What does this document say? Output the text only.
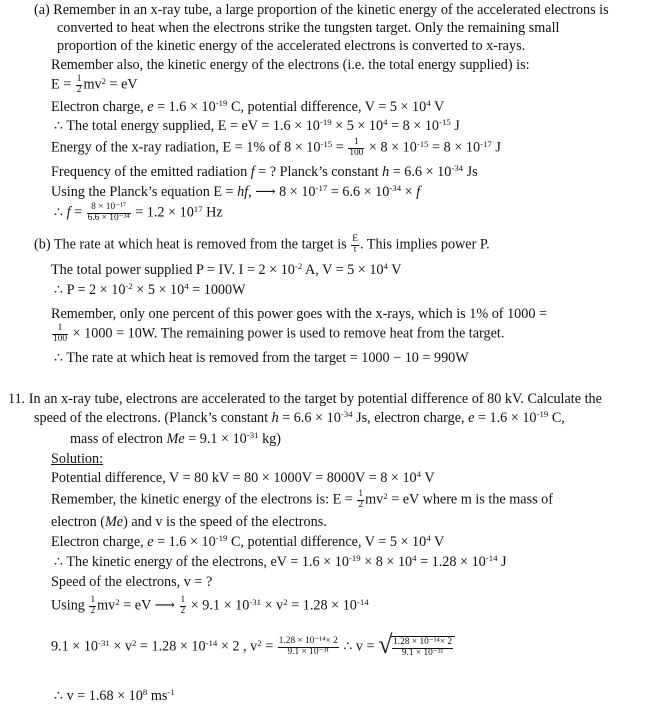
(a) Remember in an x-ray tube, a large proportion of the kinetic energy of the accelerated electrons is
converted to heat when the electrons strike the tungsten target. Only the remaining small
proportion of the kinetic energy of the accelerated electrons is converted to x-rays.
Remember also, the kinetic energy of the electrons (i.e. the total energy supplied) is:
$E = \frac{1}{2} mv^2$ = eV
Electron charge, $e = 1.6 \times 10^{-19}$ C, potential difference, $V = 5 \times 10^4$ V
∴ The total energy supplied, E = eV = $1.6 \times 10^{-19} \times 5 \times 10^4 = 8 \times 10^{-15}$ J
Energy of the x-ray radiation, E = 1% of $8 \times 10^{-15} = \frac{1}{100} \times 8 \times 10^{-15} = 8 \times 10^{-17}$ J
Frequency of the emitted radiation f = ? Planck’s constant $h = 6.6 \times 10^{-34}$ Js
Using the Planck’s equation E = hf, ⟶ $8 \times 10^{-17} = 6.6 \times 10^{-34} \times f$
∴ $f = \frac{\text{8 × 10⁻¹⁷}}{\text{6.6 × 10⁻³⁴}} = 1.2 \times 10^{17}$ Hz
(b) The rate at which heat is removed from the target is $\frac{E}{t}$ . This implies power P.
The total power supplied P = IV. $I = 2 \times 10^{-2}$ A, $V = 5 \times 10^4$ V
∴ $P = 2 \times 10^{-2} \times 5 \times 10^4 = 1000W$
Remember, only one percent of this power goes with the x-rays, which is 1% of 1000 =
$\frac{1}{100} \times 1000 = 10W$. The remaining power is used to remove heat from the target.
∴ The rate at which heat is removed from the target = 1000 − 10 = 990W
11. In an x-ray tube, electrons are accelerated to the target by potential difference of 80 kV. Calculate the
speed of the electrons. (Planck’s constant $h = 6.6 \times 10^{-34}$ Js, electron charge, $e = 1.6 \times 10^{-19}$ C,
mass of electron $Me = 9.1 \times 10^{-31}$ kg)
Solution:
Potential difference, V = 80 kV = $80 \times 1000V = 8000V = 8 \times 10^4$ V
Remember, the kinetic energy of the electrons is: $E = \frac{1}{2} mv^2$ = eV where m is the mass of
electron (Me) and v is the speed of the electrons.
Electron charge, $e = 1.6 \times 10^{-19}$ C, potential difference, $V = 5 \times 10^4$ V
∴ The kinetic energy of the electrons, eV = $1.6 \times 10^{-19} \times 8 \times 10^4 = 1.28 \times 10^{-14}$ J
Speed of the electrons, v = ?
Using $\frac{1}{2} mv^2$ = eV ⟶ $\frac{1}{2} \times 9.1 \times 10^{-31} \times v^2 = 1.28 \times 10^{-14}$
$9.1 \times 10^{-31} \times v^2 = 1.28 \times 10^{-14} \times 2$ , $v^2 = \frac{\text{1.28 × 10⁻¹⁴× 2}}{\text{9.1 × 10⁻³¹}}$ ∴ v = √ $\frac{\text{1.28 × 10⁻¹⁴× 2}}{\text{9.1 × 10⁻³¹}}$
∴ $v = 1.68 \times 10^8$ $ms^{-1}$
